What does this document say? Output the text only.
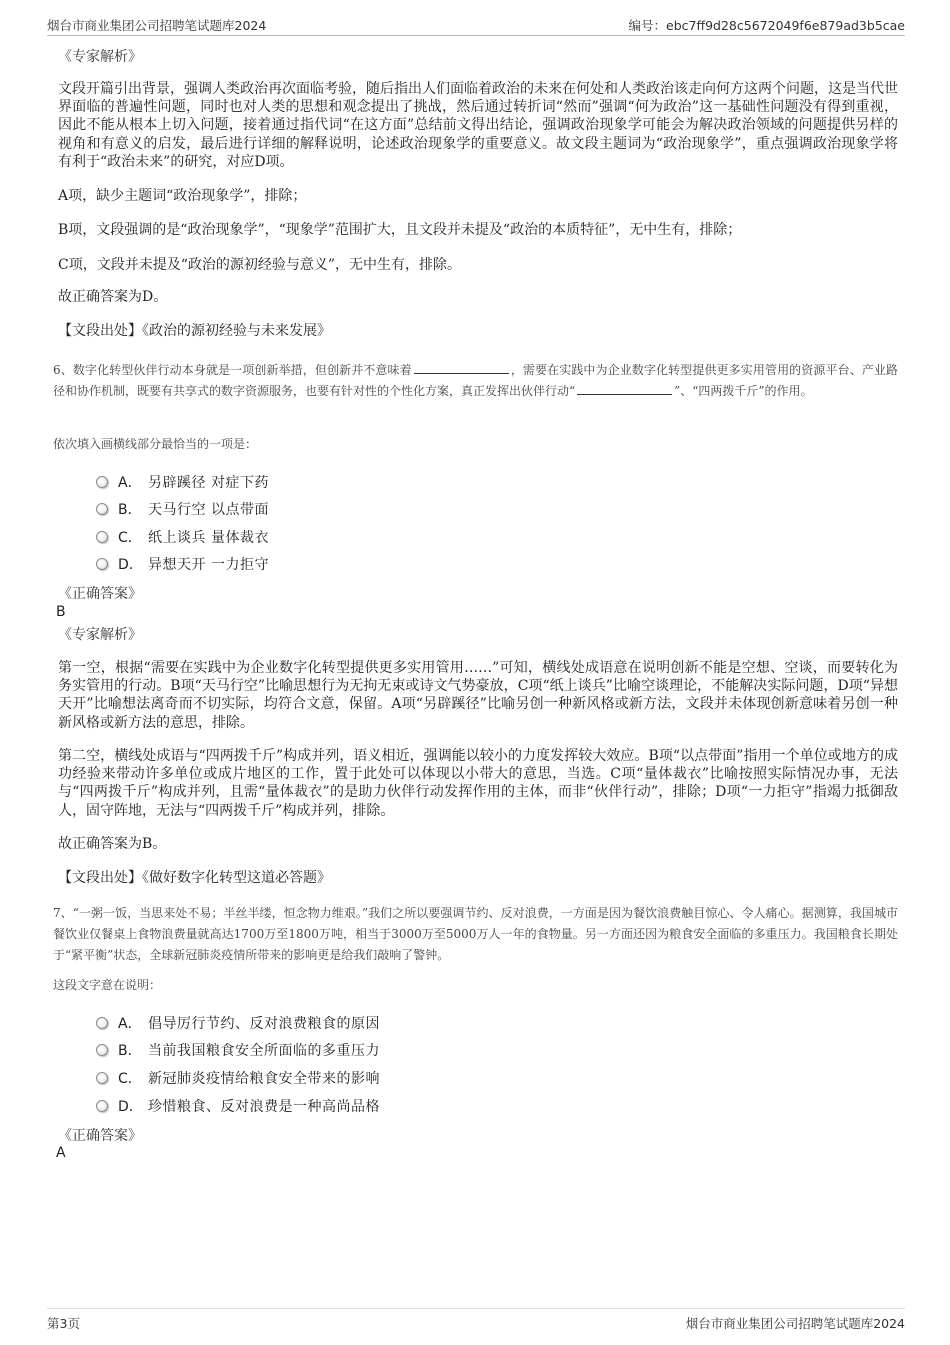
烟台市商业集团公司招聘笔试题库2024	编号：ebc7ff9d28c5672049f6e879ad3b5cae
《专家解析》
文段开篇引出背景，强调人类政治再次面临考验，随后指出人们面临着政治的未来在何处和人类政治该走向何方这两个问题，这是当代世界面临的普遍性问题，同时也对人类的思想和观念提出了挑战，然后通过转折词“然而”强调“何为政治”这一基础性问题没有得到重视，因此不能从根本上切入问题，接着通过指代词“在这方面”总结前文得出结论，强调政治现象学可能会为解决政治领域的问题提供另样的视角和有意义的启发，最后进行详细的解释说明，论述政治现象学的重要意义。故文段主题词为“政治现象学”，重点强调政治现象学将有利于“政治未来”的研究，对应D项。
A项，缺少主题词“政治现象学”，排除；
B项，文段强调的是“政治现象学”，“现象学”范围扩大，且文段并未提及“政治的本质特征”，无中生有，排除；
C项，文段并未提及“政治的源初经验与意义”，无中生有，排除。
故正确答案为D。
【文段出处】《政治的源初经验与未来发展》
6、数字化转型伙伴行动本身就是一项创新举措，但创新并不意味着	，需要在实践中为企业数字化转型提供更多实用管用的资源平台、产业路径和协作机制，既要有共享式的数字资源服务，也要有针对性的个性化方案，真正发挥出伙伴行动“	”、“四两拨千斤”的作用。
依次填入画横线部分最恰当的一项是：
A． 另辟蹊径 对症下药
B． 天马行空 以点带面
C． 纸上谈兵 量体裁衣
D． 异想天开 一力拒守
《正确答案》
B
《专家解析》
第一空，根据“需要在实践中为企业数字化转型提供更多实用管用……”可知，横线处成语意在说明创新不能是空想、空谈，而要转化为务实管用的行动。B项“天马行空”比喻思想行为无拘无束或诗文气势豪放，C项“纸上谈兵”比喻空谈理论，不能解决实际问题，D项“异想天开”比喻想法离奇而不切实际，均符合文意，保留。A项“另辟蹊径”比喻另创一种新风格或新方法，文段并未体现创新意味着另创一种新风格或新方法的意思，排除。
第二空，横线处成语与“四两拨千斤”构成并列，语义相近，强调能以较小的力度发挥较大效应。B项“以点带面”指用一个单位或地方的成功经验来带动许多单位或成片地区的工作，置于此处可以体现以小带大的意思，当选。C项“量体裁衣”比喻按照实际情况办事，无法与“四两拨千斤”构成并列，且需“量体裁衣”的是助力伙伴行动发挥作用的主体，而非“伙伴行动”，排除；D项“一力拒守”指竭力抵御敌人，固守阵地，无法与“四两拨千斤”构成并列，排除。
故正确答案为B。
【文段出处】《做好数字化转型这道必答题》
7、“一粥一饭，当思来处不易；半丝半缕，恒念物力维艰。”我们之所以要强调节约、反对浪费，一方面是因为餐饮浪费触目惊心、令人痛心。据测算，我国城市餐饮业仅餐桌上食物浪费量就高达1700万至1800万吨，相当于3000万至5000万人一年的食物量。另一方面还因为粮食安全面临的多重压力。我国粮食长期处于“紧平衡”状态，全球新冠肺炎疫情所带来的影响更是给我们敲响了警钟。
这段文字意在说明：
A． 倡导厉行节约、反对浪费粮食的原因
B． 当前我国粮食安全所面临的多重压力
C． 新冠肺炎疫情给粮食安全带来的影响
D． 珍惜粮食、反对浪费是一种高尚品格
《正确答案》
A
第3页	烟台市商业集团公司招聘笔试题库2024
